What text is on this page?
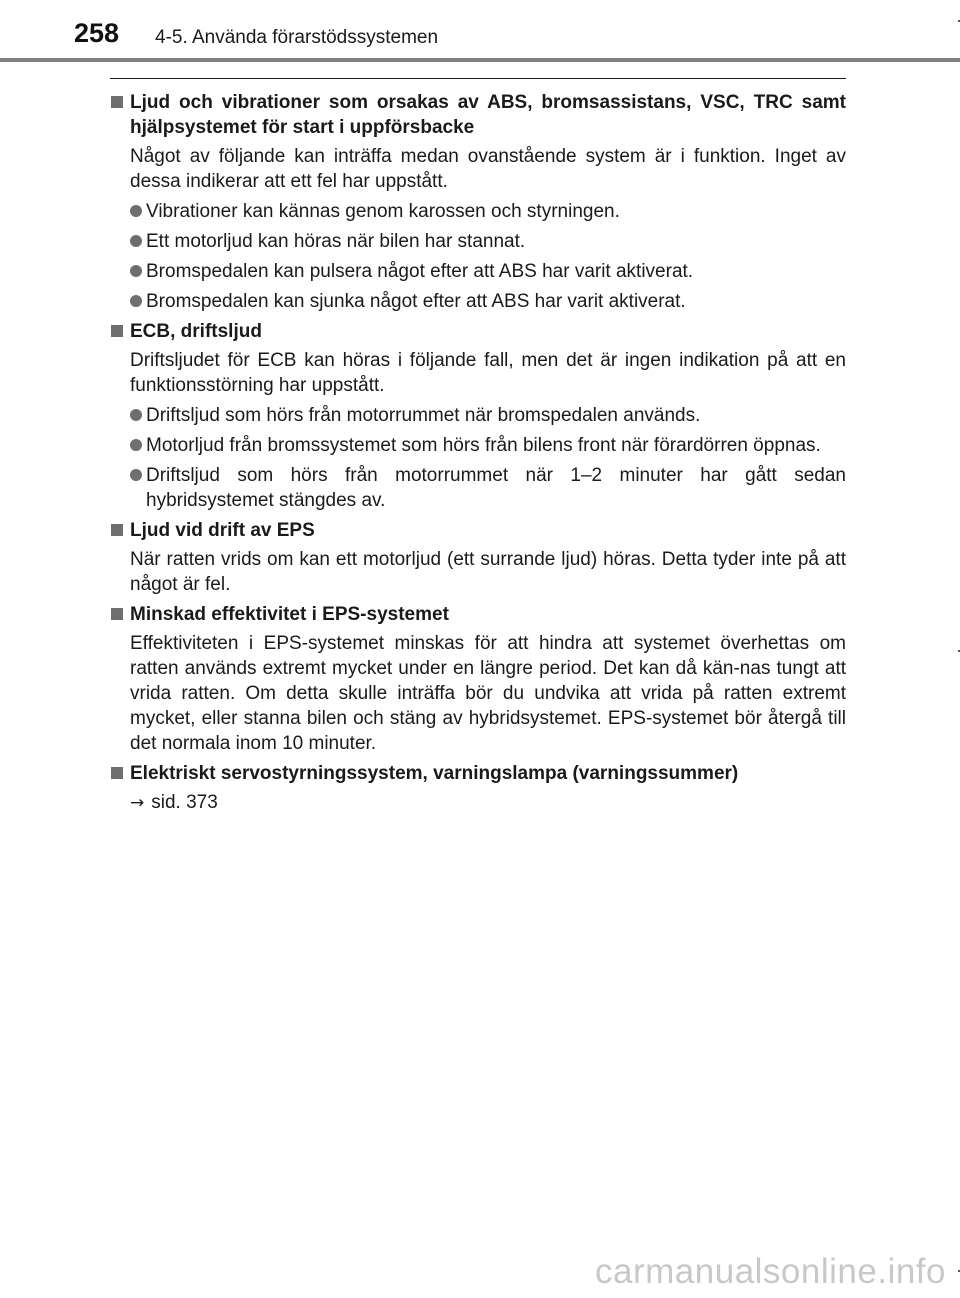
258 4-5. Använda förarstödssystemen
Ljud och vibrationer som orsakas av ABS, bromsassistans, VSC, TRC samt hjälpsystemet för start i uppförsbacke
Något av följande kan inträffa medan ovanstående system är i funktion. Inget av dessa indikerar att ett fel har uppstått.
Vibrationer kan kännas genom karossen och styrningen.
Ett motorljud kan höras när bilen har stannat.
Bromspedalen kan pulsera något efter att ABS har varit aktiverat.
Bromspedalen kan sjunka något efter att ABS har varit aktiverat.
ECB, driftsljud
Driftsljudet för ECB kan höras i följande fall, men det är ingen indikation på att en funktionsstörning har uppstått.
Driftsljud som hörs från motorrummet när bromspedalen används.
Motorljud från bromssystemet som hörs från bilens front när förardörren öppnas.
Driftsljud som hörs från motorrummet när 1–2 minuter har gått sedan hybridsystemet stängdes av.
Ljud vid drift av EPS
När ratten vrids om kan ett motorljud (ett surrande ljud) höras. Detta tyder inte på att något är fel.
Minskad effektivitet i EPS-systemet
Effektiviteten i EPS-systemet minskas för att hindra att systemet överhettas om ratten används extremt mycket under en längre period. Det kan då kän-nas tungt att vrida ratten. Om detta skulle inträffa bör du undvika att vrida på ratten extremt mycket, eller stanna bilen och stäng av hybridsystemet. EPS-systemet bör återgå till det normala inom 10 minuter.
Elektriskt servostyrningssystem, varningslampa (varningssummer)
→ sid. 373
carmanualsonline.info
